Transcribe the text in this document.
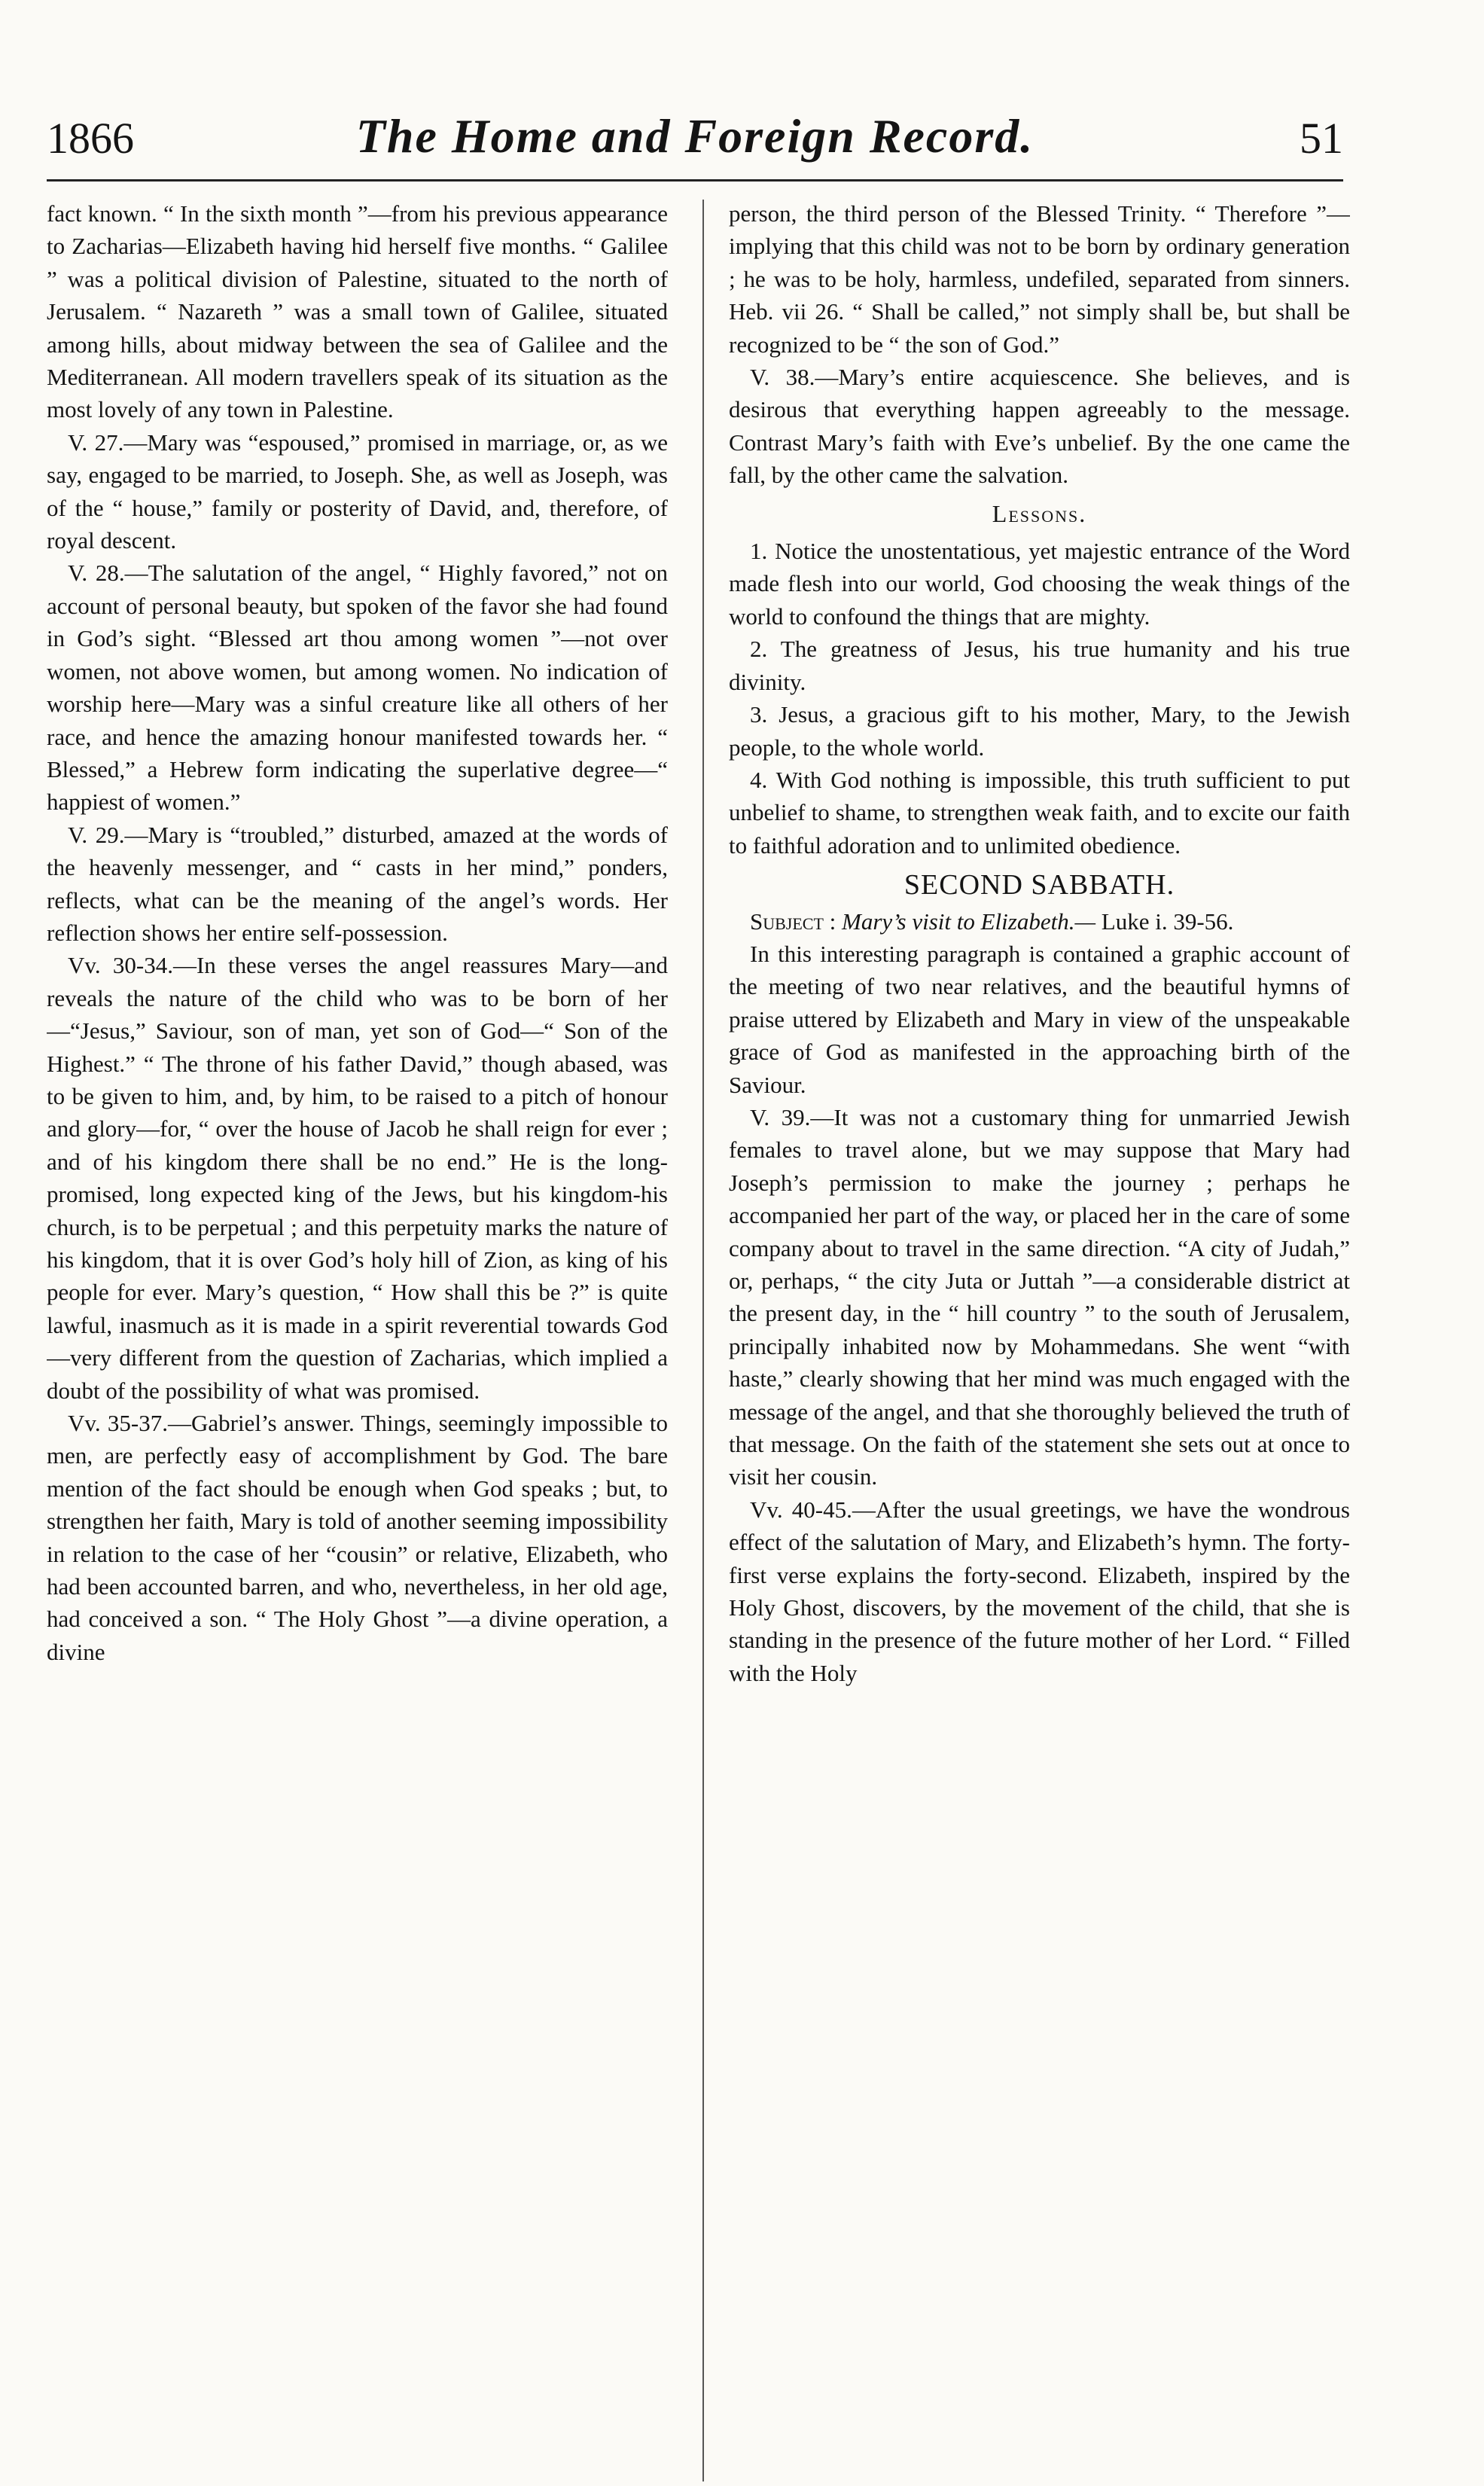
1866	The Home and Foreign Record.	51

fact known. “ In the sixth month ”—from his previous appearance to Zacharias—Elizabeth having hid herself five months. “ Galilee ” was a political division of Palestine, situated to the north of Jerusalem. “ Nazareth ” was a small town of Galilee, situated among hills, about midway between the sea of Galilee and the Mediterranean. All modern travellers speak of its situation as the most lovely of any town in Palestine.

V. 27.—Mary was “espoused,” promised in marriage, or, as we say, engaged to be married, to Joseph. She, as well as Joseph, was of the “ house,” family or posterity of David, and, therefore, of royal descent.

V. 28.—The salutation of the angel, “ Highly favored,” not on account of personal beauty, but spoken of the favor she had found in God’s sight. “Blessed art thou among women ”—not over women, not above women, but among women. No indication of worship here—Mary was a sinful creature like all others of her race, and hence the amazing honour manifested towards her. “ Blessed,” a Hebrew form indicating the superlative degree—“ happiest of women.”

V. 29.—Mary is “troubled,” disturbed, amazed at the words of the heavenly messenger, and “ casts in her mind,” ponders, reflects, what can be the meaning of the angel’s words. Her reflection shows her entire self-possession.

Vv. 30-34.—In these verses the angel reassures Mary—and reveals the nature of the child who was to be born of her—“Jesus,” Saviour, son of man, yet son of God—“ Son of the Highest.” “ The throne of his father David,” though abased, was to be given to him, and, by him, to be raised to a pitch of honour and glory—for, “ over the house of Jacob he shall reign for ever ; and of his kingdom there shall be no end.” He is the long-promised, long expected king of the Jews, but his kingdom-his church, is to be perpetual ; and this perpetuity marks the nature of his kingdom, that it is over God’s holy hill of Zion, as king of his people for ever. Mary’s question, “ How shall this be ?” is quite lawful, inasmuch as it is made in a spirit reverential towards God—very different from the question of Zacharias, which implied a doubt of the possibility of what was promised.

Vv. 35-37.—Gabriel’s answer. Things, seemingly impossible to men, are perfectly easy of accomplishment by God. The bare mention of the fact should be enough when God speaks ; but, to strengthen her faith, Mary is told of another seeming impossibility in relation to the case of her “cousin” or relative, Elizabeth, who had been accounted barren, and who, nevertheless, in her old age, had conceived a son. “ The Holy Ghost ”—a divine operation, a divine

person, the third person of the Blessed Trinity. “ Therefore ”—implying that this child was not to be born by ordinary generation ; he was to be holy, harmless, undefiled, separated from sinners. Heb. vii 26. “ Shall be called,” not simply shall be, but shall be recognized to be “ the son of God.”

V. 38.—Mary’s entire acquiescence. She believes, and is desirous that everything happen agreeably to the message. Contrast Mary’s faith with Eve’s unbelief. By the one came the fall, by the other came the salvation.

Lessons.

1. Notice the unostentatious, yet majestic entrance of the Word made flesh into our world, God choosing the weak things of the world to confound the things that are mighty.

2. The greatness of Jesus, his true humanity and his true divinity.

3. Jesus, a gracious gift to his mother, Mary, to the Jewish people, to the whole world.

4. With God nothing is impossible, this truth sufficient to put unbelief to shame, to strengthen weak faith, and to excite our faith to faithful adoration and to unlimited obedience.

SECOND SABBATH.

Subject : Mary’s visit to Elizabeth.— Luke i. 39-56.

In this interesting paragraph is contained a graphic account of the meeting of two near relatives, and the beautiful hymns of praise uttered by Elizabeth and Mary in view of the unspeakable grace of God as manifested in the approaching birth of the Saviour.

V. 39.—It was not a customary thing for unmarried Jewish females to travel alone, but we may suppose that Mary had Joseph’s permission to make the journey ; perhaps he accompanied her part of the way, or placed her in the care of some company about to travel in the same direction. “A city of Judah,” or, perhaps, “ the city Juta or Juttah ”—a considerable district at the present day, in the “ hill country ” to the south of Jerusalem, principally inhabited now by Mohammedans. She went “with haste,” clearly showing that her mind was much engaged with the message of the angel, and that she thoroughly believed the truth of that message. On the faith of the statement she sets out at once to visit her cousin.

Vv. 40-45.—After the usual greetings, we have the wondrous effect of the salutation of Mary, and Elizabeth’s hymn. The forty-first verse explains the forty-second. Elizabeth, inspired by the Holy Ghost, discovers, by the movement of the child, that she is standing in the presence of the future mother of her Lord. “ Filled with the Holy
